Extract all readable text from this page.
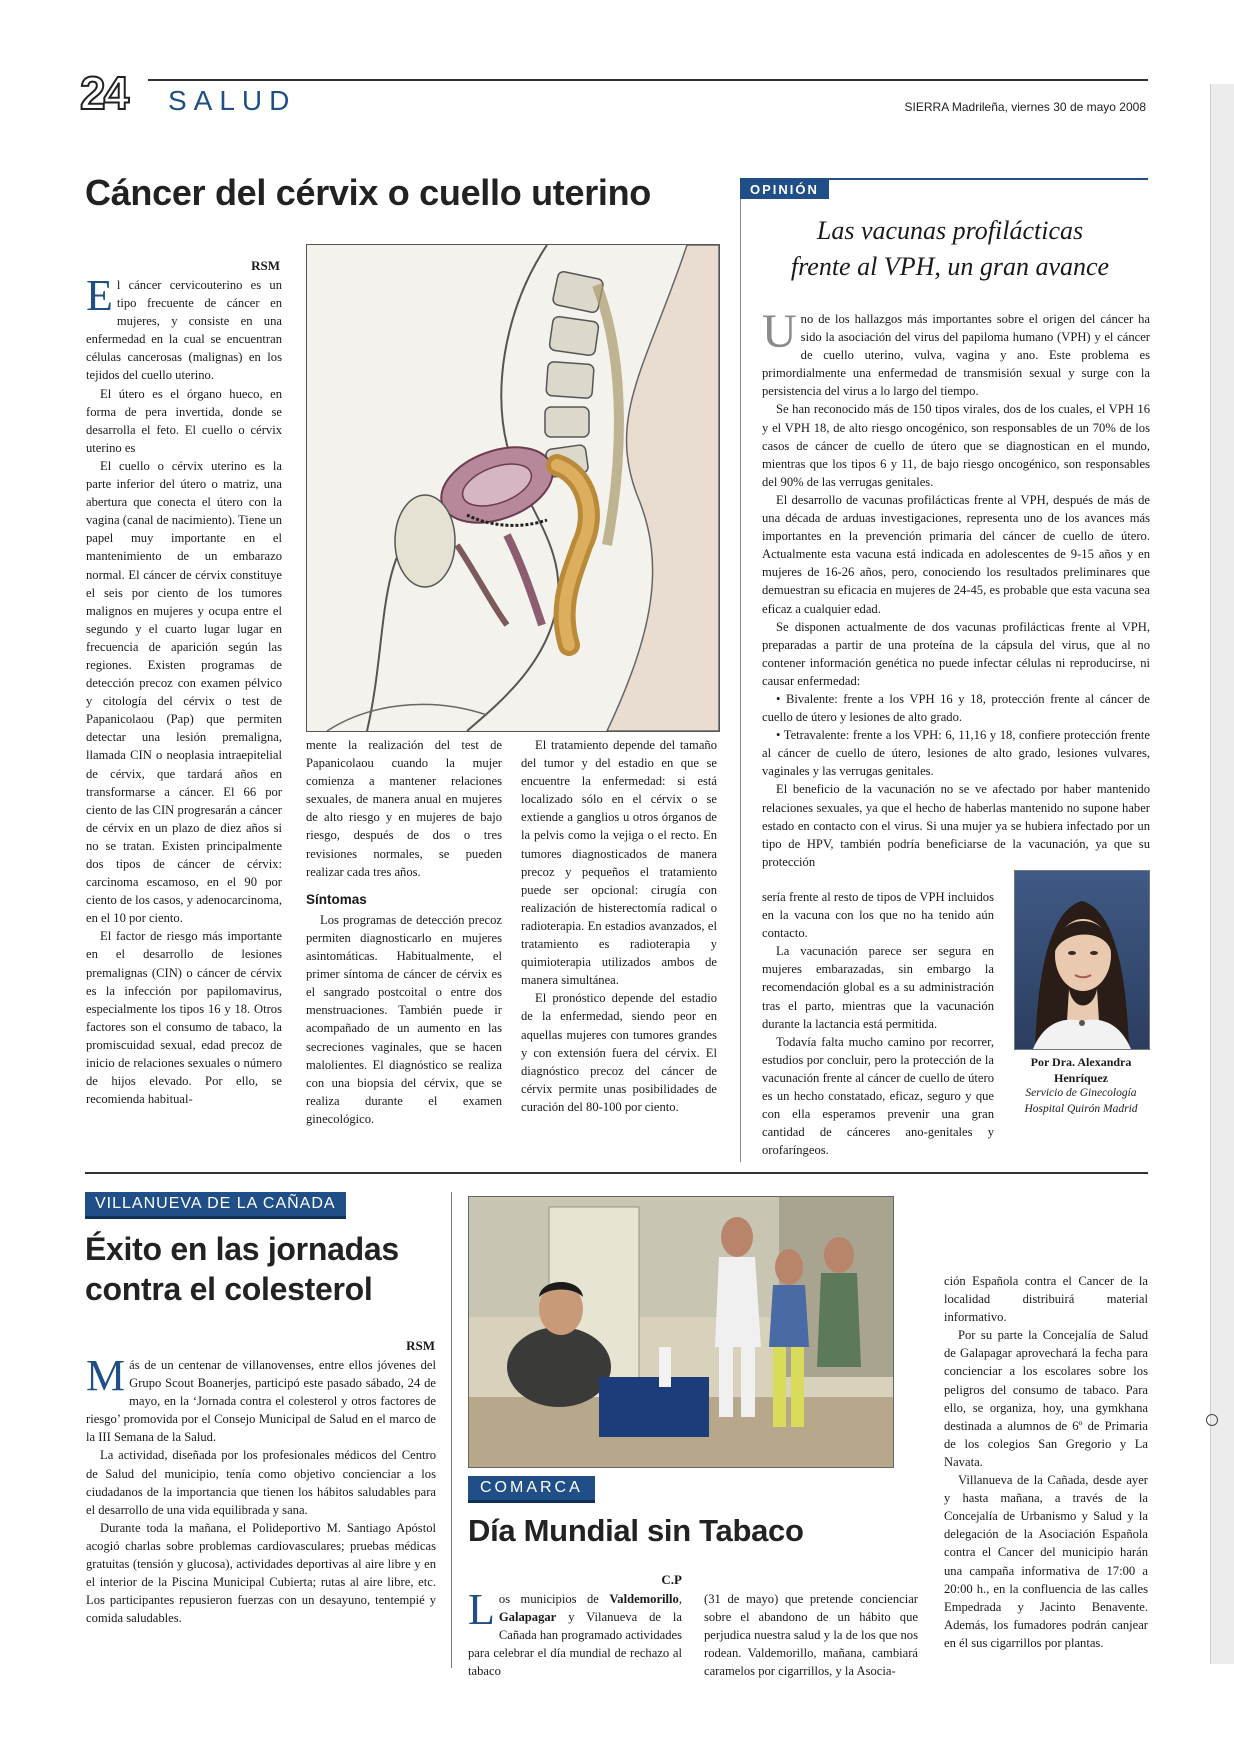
24 SALUD	SIERRA Madrileña, viernes 30 de mayo 2008
Cáncer del cérvix o cuello uterino
RSM

El cáncer cervicouterino es un tipo frecuente de cáncer en mujeres, y consiste en una enfermedad en la cual se encuentran células cancerosas (malignas) en los tejidos del cuello uterino.

El útero es el órgano hueco, en forma de pera invertida, donde se desarrolla el feto. El cuello o cérvix uterino es

El cuello o cérvix uterino es la parte inferior del útero o matriz, una abertura que conecta el útero con la vagina (canal de nacimiento). Tiene un papel muy importante en el mantenimiento de un embarazo normal. El cáncer de cérvix constituye el seis por ciento de los tumores malignos en mujeres y ocupa entre el segundo y el cuarto lugar lugar en frecuencia de aparición según las regiones. Existen programas de detección precoz con examen pélvico y citología del cérvix o test de Papanicolaou (Pap) que permiten detectar una lesión premaligna, llamada CIN o neoplasia intraepitelial de cérvix, que tardará años en transformarse a cáncer. El 66 por ciento de las CIN progresarán a cáncer de cérvix en un plazo de diez años si no se tratan. Existen principalmente dos tipos de cáncer de cérvix: carcinoma escamoso, en el 90 por ciento de los casos, y adenocarcinoma, en el 10 por ciento.

El factor de riesgo más importante en el desarrollo de lesiones premalignas (CIN) o cáncer de cérvix es la infección por papilomavirus, especialmente los tipos 16 y 18. Otros factores son el consumo de tabaco, la promiscuidad sexual, edad precoz de inicio de relaciones sexuales o número de hijos elevado. Por ello, se recomienda habitual-

mente la realización del test de Papanicolaou cuando la mujer comienza a mantener relaciones sexuales, de manera anual en mujeres de alto riesgo y en mujeres de bajo riesgo, después de dos o tres revisiones normales, se pueden realizar cada tres años.

Síntomas

Los programas de detección precoz permiten diagnosticarlo en mujeres asintomáticas. Habitualmente, el primer síntoma de cáncer de cérvix es el sangrado postcoital o entre dos menstruaciones. También puede ir acompañado de un aumento en las secreciones vaginales, que se hacen malolientes. El diagnóstico se realiza con una biopsia del cérvix, que se realiza durante el examen ginecológico.

El tratamiento depende del tamaño del tumor y del estadio en que se encuentre la enfermedad: si está localizado sólo en el cérvix o se extiende a ganglios u otros órganos de la pelvis como la vejiga o el recto. En tumores diagnosticados de manera precoz y pequeños el tratamiento puede ser opcional: cirugía con realización de histerectomía radical o radioterapia. En estadios avanzados, el tratamiento es radioterapia y quimioterapia utilizados ambos de manera simultánea.

El pronóstico depende del estadio de la enfermedad, siendo peor en aquellas mujeres con tumores grandes y con extensión fuera del cérvix. El diagnóstico precoz del cáncer de cérvix permite unas posibilidades de curación del 80-100 por ciento.

OPINIÓN
Las vacunas profilácticas
frente al VPH, un gran avance

Uno de los hallazgos más importantes sobre el origen del cáncer ha sido la asociación del virus del papiloma humano (VPH) y el cáncer de cuello uterino, vulva, vagina y ano. Este problema es primordialmente una enfermedad de transmisión sexual y surge con la persistencia del virus a lo largo del tiempo.

Se han reconocido más de 150 tipos virales, dos de los cuales, el VPH 16 y el VPH 18, de alto riesgo oncogénico, son responsables de un 70% de los casos de cáncer de cuello de útero que se diagnostican en el mundo, mientras que los tipos 6 y 11, de bajo riesgo oncogénico, son responsables del 90% de las verrugas genitales.

El desarrollo de vacunas profilácticas frente al VPH, después de más de una década de arduas investigaciones, representa uno de los avances más importantes en la prevención primaria del cáncer de cuello de útero. Actualmente esta vacuna está indicada en adolescentes de 9-15 años y en mujeres de 16-26 años, pero, conociendo los resultados preliminares que demuestran su eficacia en mujeres de 24-45, es probable que esta vacuna sea eficaz a cualquier edad.

Se disponen actualmente de dos vacunas profilácticas frente al VPH, preparadas a partir de una proteína de la cápsula del virus, que al no contener información genética no puede infectar células ni reproducirse, ni causar enfermedad:

• Bivalente: frente a los VPH 16 y 18, protección frente al cáncer de cuello de útero y lesiones de alto grado.

• Tetravalente: frente a los VPH: 6, 11,16 y 18, confiere protección frente al cáncer de cuello de útero, lesiones de alto grado, lesiones vulvares, vaginales y las verrugas genitales.

El beneficio de la vacunación no se ve afectado por haber mantenido relaciones sexuales, ya que el hecho de haberlas mantenido no supone haber estado en contacto con el virus. Si una mujer ya se hubiera infectado por un tipo de HPV, también podría beneficiarse de la vacunación, ya que su protección

sería frente al resto de tipos de VPH incluidos en la vacuna con los que no ha tenido aún contacto.

La vacunación parece ser segura en mujeres embarazadas, sin embargo la recomendación global es a su administración tras el parto, mientras que la vacunación durante la lactancia está permitida.

Todavía falta mucho camino por recorrer, estudios por concluir, pero la protección de la vacunación frente al cáncer de cuello de útero es un hecho constatado, eficaz, seguro y que con ella esperamos prevenir una gran cantidad de cánceres ano-genitales y orofaríngeos.

Por Dra. Alexandra
Henríquez
Servicio de Ginecología
Hospital Quirón Madrid
VILLANUEVA DE LA CAÑADA
Éxito en las jornadas
contra el colesterol
RSM

Más de un centenar de villanovenses, entre ellos jóvenes del Grupo Scout Boanerjes, participó este pasado sábado, 24 de mayo, en la ‘Jornada contra el colesterol y otros factores de riesgo’ promovida por el Consejo Municipal de Salud en el marco de la III Semana de la Salud.

La actividad, diseñada por los profesionales médicos del Centro de Salud del municipio, tenía como objetivo concienciar a los ciudadanos de la importancia que tienen los hábitos saludables para el desarrollo de una vida equilibrada y sana.

Durante toda la mañana, el Polideportivo M. Santiago Apóstol acogió charlas sobre problemas cardiovasculares; pruebas médicas gratuitas (tensión y glucosa), actividades deportivas al aire libre y en el interior de la Piscina Municipal Cubierta; rutas al aire libre, etc. Los participantes repusieron fuerzas con un desayuno, tentempié y comida saludables.

COMARCA
Día Mundial sin Tabaco
C.P

Los municipios de Valdemorillo, Galapagar y Vilanueva de la Cañada han programado actividades para celebrar el día mundial de rechazo al tabaco

(31 de mayo) que pretende concienciar sobre el abandono de un hábito que perjudica nuestra salud y la de los que nos rodean. Valdemorillo, mañana, cambiará caramelos por cigarrillos, y la Asocia-

ción Española contra el Cancer de la localidad distribuirá material informativo.

Por su parte la Concejalía de Salud de Galapagar aprovechará la fecha para concienciar a los escolares sobre los peligros del consumo de tabaco. Para ello, se organiza, hoy, una gymkhana destinada a alumnos de 6º de Primaria de los colegios San Gregorio y La Navata.

Villanueva de la Cañada, desde ayer y hasta mañana, a través de la Concejalía de Urbanismo y Salud y la delegación de la Asociación Española contra el Cancer del municipio harán una campaña informativa de 17:00 a 20:00 h., en la confluencia de las calles Empedrada y Jacinto Benavente. Además, los fumadores podrán canjear en él sus cigarrillos por plantas.
